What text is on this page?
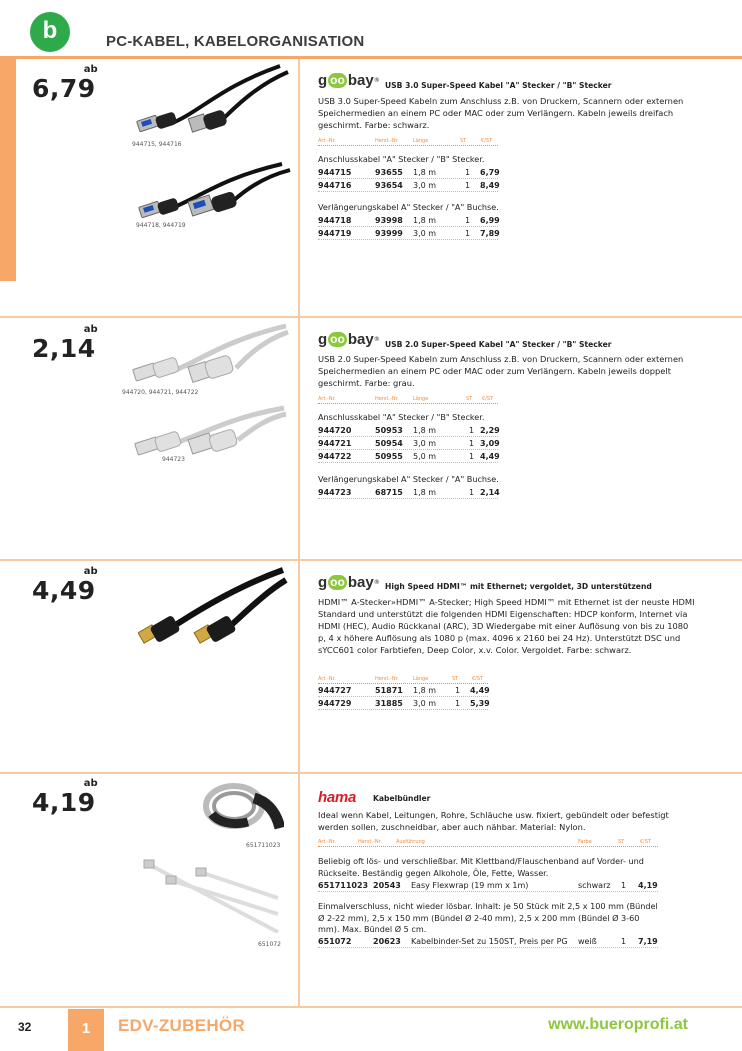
b	PC-KABEL, KABELORGANISATION
6,79
ab
944715, 944716
944718, 944719
g oo bay ®
USB 3.0 Super-Speed Kabel "A" Stecker / "B" Stecker
USB 3.0 Super-Speed Kabeln zum Anschluss z.B. von Druckern, Scannern oder externen Speichermedien an einem PC oder MAC oder zum Verlängern. Kabeln jeweils dreifach geschirmt. Farbe: schwarz.
Art.-Nr.	Herst.-Nr.	Länge	ST	€/ST
Anschlusskabel "A" Stecker / "B" Stecker.
944715	93655 1,8 m	1 6,79
944716	93654 3,0 m	1 8,49
Verlängerungskabel A" Stecker / "A" Buchse.
944718	93998 1,8 m	1 6,99
944719	93999 3,0 m	1 7,89
2,14
ab
944720, 944721, 944722
944723
g oo bay ®
USB 2.0 Super-Speed Kabel "A" Stecker / "B" Stecker
USB 2.0 Super-Speed Kabeln zum Anschluss z.B. von Druckern, Scannern oder externen Speichermedien an einem PC oder MAC oder zum Verlängern. Kabeln jeweils doppelt geschirmt. Farbe: grau.
Art.-Nr.	Herst.-Nr.	Länge	ST €/ST
Anschlusskabel "A" Stecker / "B" Stecker.
944720	50953 1,8 m	1 2,29
944721	50954 3,0 m	1 3,09
944722	50955 5,0 m	1 4,49
Verlängerungskabel A" Stecker / "A" Buchse.
944723	68715 1,8 m	1 2,14
4,49
ab
g oo bay ® High Speed HDMI™ mit Ethernet; vergoldet, 3D unterstützend
HDMI™ A-Stecker»HDMI™ A-Stecker; High Speed HDMI™ mit Ethernet ist der neuste HDMI Standard und unterstützt die folgenden HDMI Eigenschaften: HDCP konform, Internet via HDMI (HEC), Audio Rückkanal (ARC), 3D Wiedergabe mit einer Auflösung von bis zu 1080 p, 4 x höhere Auflösung als 1080 p (max. 4096 x 2160 bei 24 Hz). Unterstützt DSC und sYCC601 color Farbtiefen, Deep Color, x.v. Color. Vergoldet. Farbe: schwarz.
Art.-Nr.	Herst.-Nr.	Länge	ST	€/ST
944727	51871 1,8 m 1 4,49
944729	31885 3,0 m 1 5,39
4,19
ab
651711023
651072
hama Kabelbündler
Ideal wenn Kabel, Leitungen, Rohre, Schläuche usw. fixiert, gebündelt oder befestigt werden sollen, zuschneidbar, aber auch nähbar. Material: Nylon.
Art.-Nr.	Herst.-Nr.	Ausführung	Farbe	ST	€/ST
Beliebig oft lös- und verschließbar. Mit Klettband/Flauschenband auf Vorder- und Rückseite. Beständig gegen Alkohole, Öle, Fette, Wasser.
651711023 20543 Easy Flexwrap (19 mm x 1m)	schwarz 1 4,19
Einmalverschluss, nicht wieder lösbar. Inhalt: je 50 Stück mit 2,5 x 100 mm (Bündel Ø 2-22 mm), 2,5 x 150 mm (Bündel Ø 2-40 mm), 2,5 x 200 mm (Bündel Ø 3-60 mm). Max. Bündel Ø 5 cm.
651072	20623 Kabelbinder-Set zu 150ST, Preis per PG weiß	1 7,19
32	1	EDV-ZUBEHÖR	www.bueroprofi.at
